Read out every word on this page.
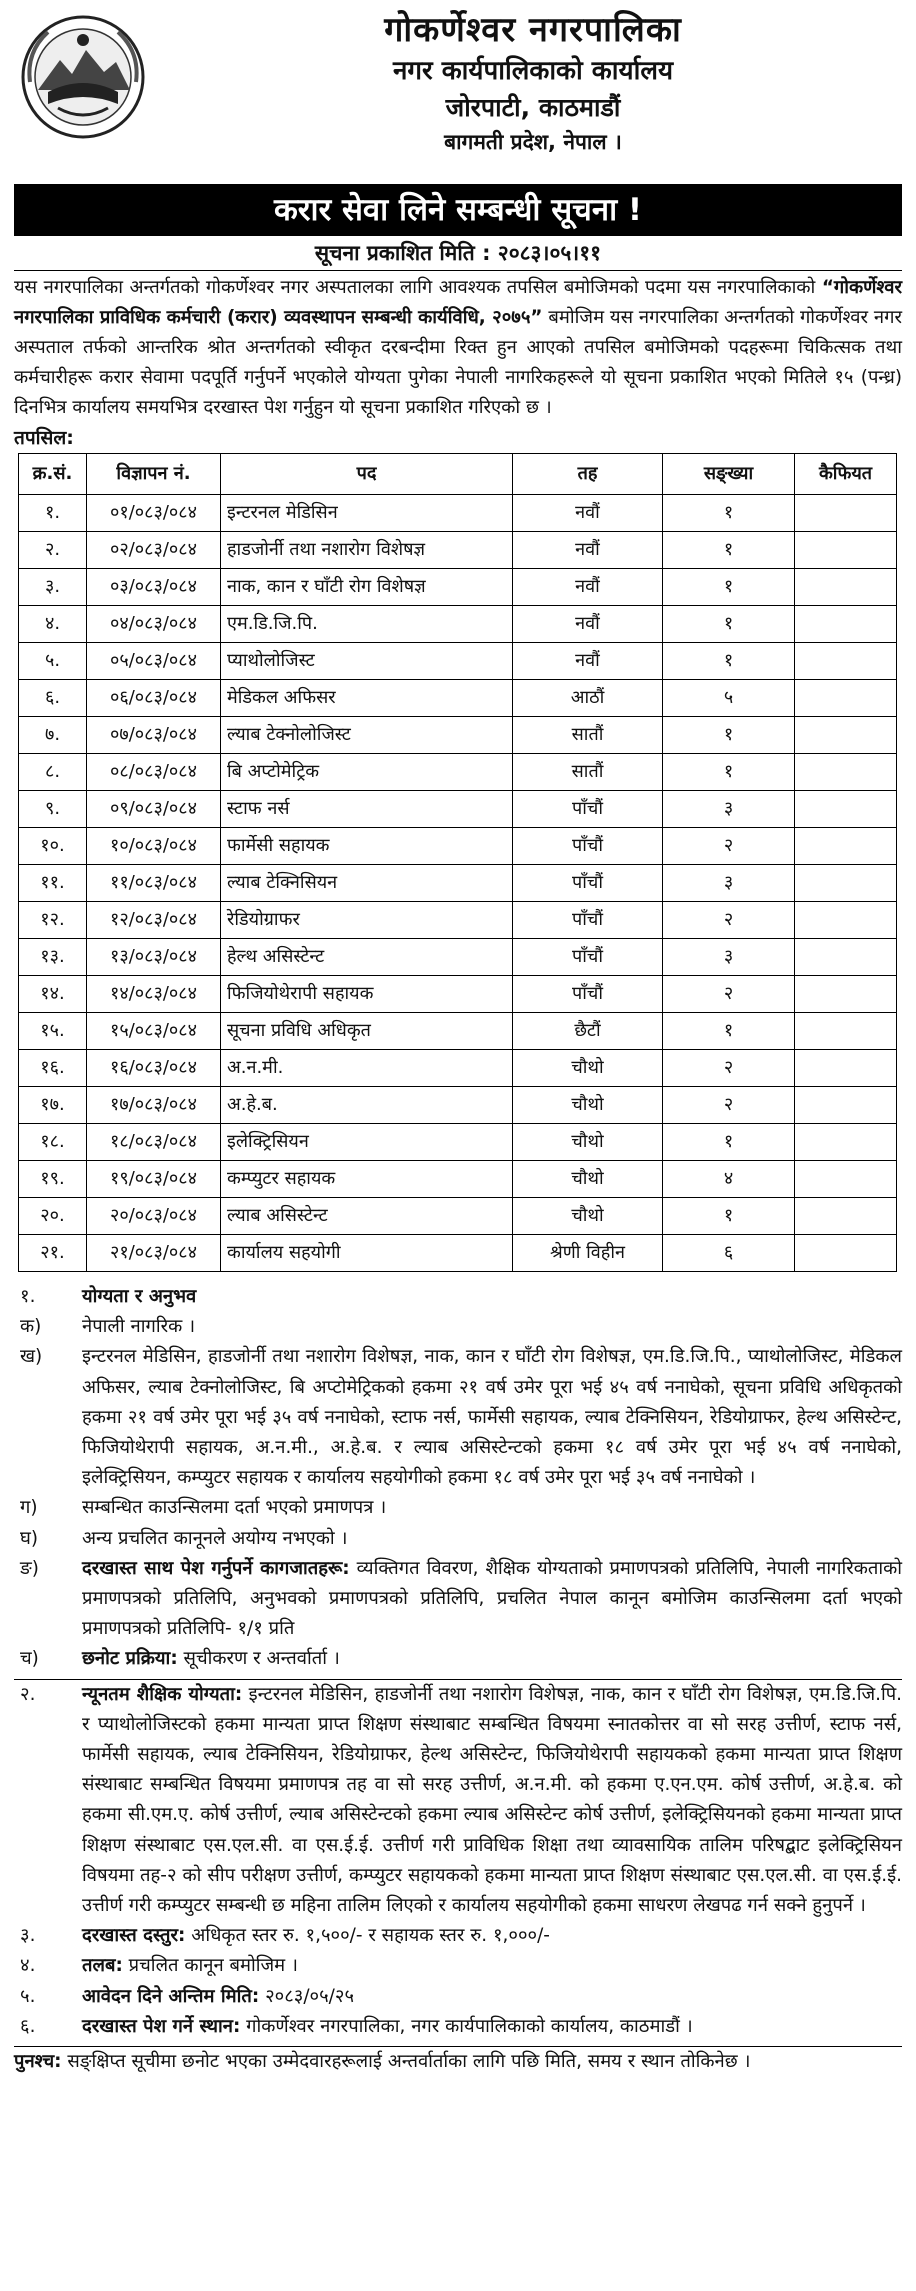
गोकर्णेश्वर नगरपालिका
नगर कार्यपालिकाको कार्यालय
जोरपाटी, काठमाडौं
बागमती प्रदेश, नेपाल ।
करार सेवा लिने सम्बन्धी सूचना !
सूचना प्रकाशित मिति : २०८३।०५।११
यस नगरपालिका अन्तर्गतको गोकर्णेश्वर नगर अस्पतालका लागि आवश्यक तपसिल बमोजिमको पदमा यस नगरपालिकाको “गोकर्णेश्वर नगरपालिका प्राविधिक कर्मचारी (करार) व्यवस्थापन सम्बन्धी कार्यविधि, २०७५” बमोजिम यस नगरपालिका अन्तर्गतको गोकर्णेश्वर नगर अस्पताल तर्फको आन्तरिक श्रोत अन्तर्गतको स्वीकृत दरबन्दीमा रिक्त हुन आएको तपसिल बमोजिमको पदहरूमा चिकित्सक तथा कर्मचारीहरू करार सेवामा पदपूर्ति गर्नुपर्ने भएकोले योग्यता पुगेका नेपाली नागरिकहरूले यो सूचना प्रकाशित भएको मितिले १५ (पन्ध्र) दिनभित्र कार्यालय समयभित्र दरखास्त पेश गर्नुहुन यो सूचना प्रकाशित गरिएको छ ।
तपसिल:
क्र.सं.	विज्ञापन नं.	पद	तह	सङ्ख्या	कैफियत
१.	०१/०८३/०८४	इन्टरनल मेडिसिन	नवौं	१	
२.	०२/०८३/०८४	हाडजोर्नी तथा नशारोग विशेषज्ञ	नवौं	१	
३.	०३/०८३/०८४	नाक, कान र घाँटी रोग विशेषज्ञ	नवौं	१	
४.	०४/०८३/०८४	एम.डि.जि.पि.	नवौं	१	
५.	०५/०८३/०८४	प्याथोलोजिस्ट	नवौं	१	
६.	०६/०८३/०८४	मेडिकल अफिसर	आठौं	५	
७.	०७/०८३/०८४	ल्याब टेक्नोलोजिस्ट	सातौं	१	
८.	०८/०८३/०८४	बि अप्टोमेट्रिक	सातौं	१	
९.	०९/०८३/०८४	स्टाफ नर्स	पाँचौं	३	
१०.	१०/०८३/०८४	फार्मेसी सहायक	पाँचौं	२	
११.	११/०८३/०८४	ल्याब टेक्निसियन	पाँचौं	३	
१२.	१२/०८३/०८४	रेडियोग्राफर	पाँचौं	२	
१३.	१३/०८३/०८४	हेल्थ असिस्टेन्ट	पाँचौं	३	
१४.	१४/०८३/०८४	फिजियोथेरापी सहायक	पाँचौं	२	
१५.	१५/०८३/०८४	सूचना प्रविधि अधिकृत	छैटौं	१	
१६.	१६/०८३/०८४	अ.न.मी.	चौथो	२	
१७.	१७/०८३/०८४	अ.हे.ब.	चौथो	२	
१८.	१८/०८३/०८४	इलेक्ट्रिसियन	चौथो	१	
१९.	१९/०८३/०८४	कम्प्युटर सहायक	चौथो	४	
२०.	२०/०८३/०८४	ल्याब असिस्टेन्ट	चौथो	१	
२१.	२१/०८३/०८४	कार्यालय सहयोगी	श्रेणी विहीन	६	
१.	योग्यता र अनुभव
क)	नेपाली नागरिक ।
ख)	इन्टरनल मेडिसिन, हाडजोर्नी तथा नशारोग विशेषज्ञ, नाक, कान र घाँटी रोग विशेषज्ञ, एम.डि.जि.पि., प्याथोलोजिस्ट, मेडिकल अफिसर, ल्याब टेक्नोलोजिस्ट, बि अप्टोमेट्रिकको हकमा २१ वर्ष उमेर पूरा भई ४५ वर्ष ननाघेको, सूचना प्रविधि अधिकृतको हकमा २१ वर्ष उमेर पूरा भई ३५ वर्ष ननाघेको, स्टाफ नर्स, फार्मेसी सहायक, ल्याब टेक्निसियन, रेडियोग्राफर, हेल्थ असिस्टेन्ट, फिजियोथेरापी सहायक, अ.न.मी., अ.हे.ब. र ल्याब असिस्टेन्टको हकमा १८ वर्ष उमेर पूरा भई ४५ वर्ष ननाघेको, इलेक्ट्रिसियन, कम्प्युटर सहायक र कार्यालय सहयोगीको हकमा १८ वर्ष उमेर पूरा भई ३५ वर्ष ननाघेको ।
ग)	सम्बन्धित काउन्सिलमा दर्ता भएको प्रमाणपत्र ।
घ)	अन्य प्रचलित कानूनले अयोग्य नभएको ।
ङ)	दरखास्त साथ पेश गर्नुपर्ने कागजातहरू: व्यक्तिगत विवरण, शैक्षिक योग्यताको प्रमाणपत्रको प्रतिलिपि, नेपाली नागरिकताको प्रमाणपत्रको प्रतिलिपि, अनुभवको प्रमाणपत्रको प्रतिलिपि, प्रचलित नेपाल कानून बमोजिम काउन्सिलमा दर्ता भएको प्रमाणपत्रको प्रतिलिपि- १/१ प्रति
च)	छनोट प्रक्रिया: सूचीकरण र अन्तर्वार्ता ।
२.	न्यूनतम शैक्षिक योग्यता: इन्टरनल मेडिसिन, हाडजोर्नी तथा नशारोग विशेषज्ञ, नाक, कान र घाँटी रोग विशेषज्ञ, एम.डि.जि.पि. र प्याथोलोजिस्टको हकमा मान्यता प्राप्त शिक्षण संस्थाबाट सम्बन्धित विषयमा स्नातकोत्तर वा सो सरह उत्तीर्ण, स्टाफ नर्स, फार्मेसी सहायक, ल्याब टेक्निसियन, रेडियोग्राफर, हेल्थ असिस्टेन्ट, फिजियोथेरापी सहायकको हकमा मान्यता प्राप्त शिक्षण संस्थाबाट सम्बन्धित विषयमा प्रमाणपत्र तह वा सो सरह उत्तीर्ण, अ.न.मी. को हकमा ए.एन.एम. कोर्ष उत्तीर्ण, अ.हे.ब. को हकमा सी.एम.ए. कोर्ष उत्तीर्ण, ल्याब असिस्टेन्टको हकमा ल्याब असिस्टेन्ट कोर्ष उत्तीर्ण, इलेक्ट्रिसियनको हकमा मान्यता प्राप्त शिक्षण संस्थाबाट एस.एल.सी. वा एस.ई.ई. उत्तीर्ण गरी प्राविधिक शिक्षा तथा व्यावसायिक तालिम परिषद्बाट इलेक्ट्रिसियन विषयमा तह-२ को सीप परीक्षण उत्तीर्ण, कम्प्युटर सहायकको हकमा मान्यता प्राप्त शिक्षण संस्थाबाट एस.एल.सी. वा एस.ई.ई. उत्तीर्ण गरी कम्प्युटर सम्बन्धी छ महिना तालिम लिएको र कार्यालय सहयोगीको हकमा साधरण लेखपढ गर्न सक्ने हुनुपर्ने ।
३.	दरखास्त दस्तुर: अधिकृत स्तर रु. १,५००/- र सहायक स्तर रु. १,०००/-
४.	तलब: प्रचलित कानून बमोजिम ।
५.	आवेदन दिने अन्तिम मिति: २०८३/०५/२५
६.	दरखास्त पेश गर्ने स्थान: गोकर्णेश्वर नगरपालिका, नगर कार्यपालिकाको कार्यालय, काठमाडौं ।
पुनश्च: सङ्क्षिप्त सूचीमा छनोट भएका उम्मेदवारहरूलाई अन्तर्वार्ताका लागि पछि मिति, समय र स्थान तोकिनेछ ।
